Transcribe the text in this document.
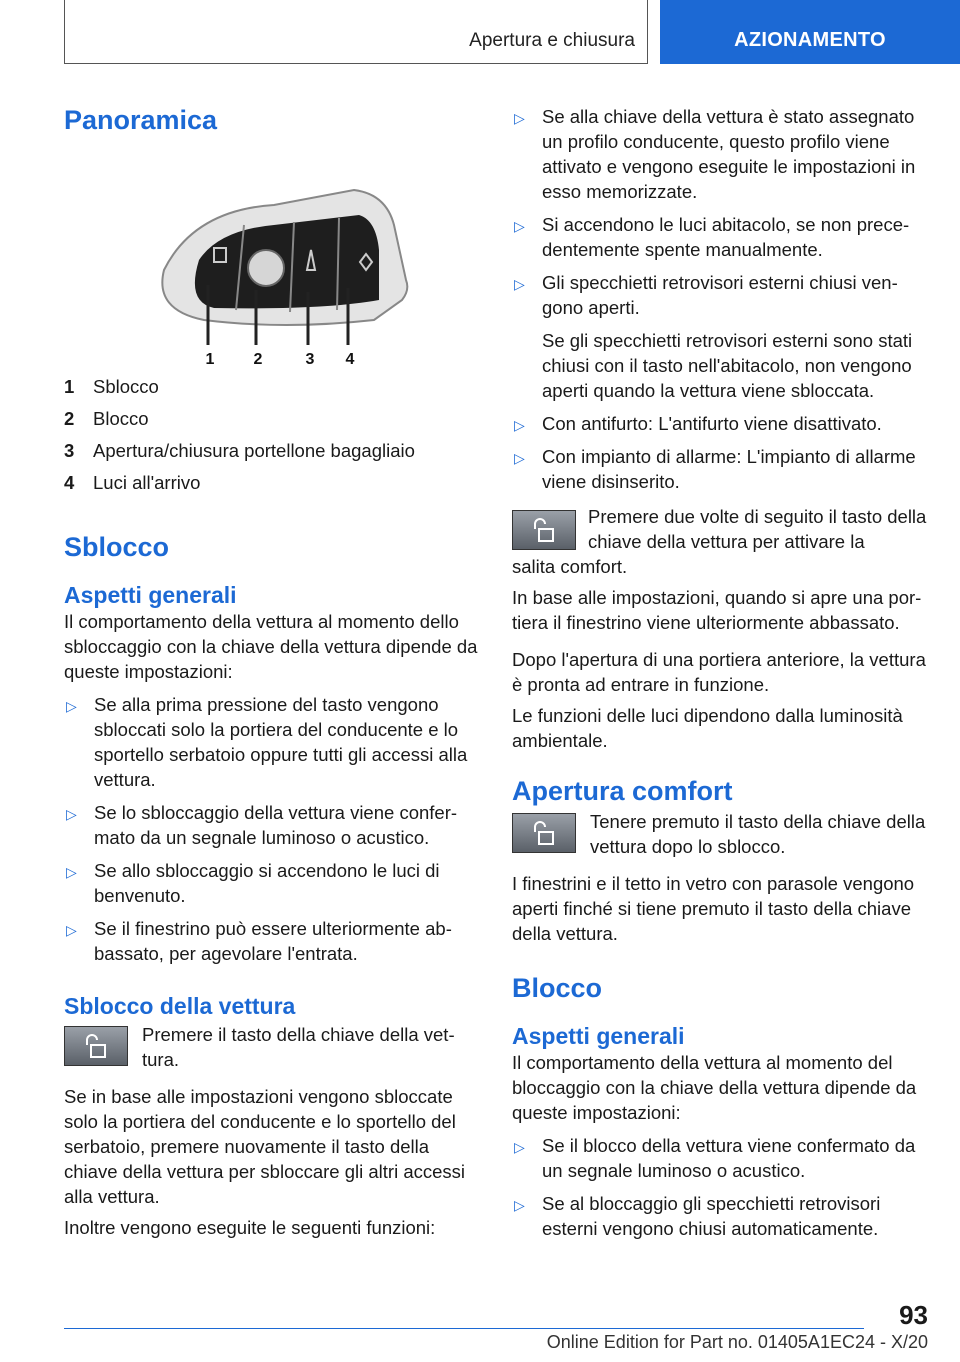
Apertura e chiusura	AZIONAMENTO

Panoramica

1 2	3 4
1	Sblocco
2	Blocco
3	Apertura/chiusura portellone bagagliaio
4	Luci all'arrivo

Sblocco

Aspetti generali

Il comportamento della vettura al momento dello sbloccaggio con la chiave della vettura dipende da queste impostazioni:

▷ Se alla prima pressione del tasto vengono sbloccati solo la portiera del conducente e lo sportello serbatoio oppure tutti gli accessi alla vettura.
▷ Se lo sbloccaggio della vettura viene confermato da un segnale luminoso o acustico.
▷ Se allo sbloccaggio si accendono le luci di benvenuto.
▷ Se il finestrino può essere ulteriormente abbassato, per agevolare l'entrata.

Sblocco della vettura

Premere il tasto della chiave della vettura.

Se in base alle impostazioni vengono sbloccate solo la portiera del conducente e lo sportello del serbatoio, premere nuovamente il tasto della chiave della vettura per sbloccare gli altri accessi alla vettura.

Inoltre vengono eseguite le seguenti funzioni:

▷ Se alla chiave della vettura è stato assegnato un profilo conducente, questo profilo viene attivato e vengono eseguite le impostazioni in esso memorizzate.
▷ Si accendono le luci abitacolo, se non precedentemente spente manualmente.
▷ Gli specchietti retrovisori esterni chiusi vengono aperti.

Se gli specchietti retrovisori esterni sono stati chiusi con il tasto nell'abitacolo, non vengono aperti quando la vettura viene sbloccata.

▷ Con antifurto: L'antifurto viene disattivato.
▷ Con impianto di allarme: L'impianto di allarme viene disinserito.

Premere due volte di seguito il tasto della chiave della vettura per attivare la

salita comfort.

In base alle impostazioni, quando si apre una portiera il finestrino viene ulteriormente abbassato.

Dopo l'apertura di una portiera anteriore, la vettura è pronta ad entrare in funzione.

Le funzioni delle luci dipendono dalla luminosità ambientale.

Apertura comfort

Tenere premuto il tasto della chiave della vettura dopo lo sblocco.

I finestrini e il tetto in vetro con parasole vengono aperti finché si tiene premuto il tasto della chiave della vettura.

Blocco

Aspetti generali

Il comportamento della vettura al momento del bloccaggio con la chiave della vettura dipende da queste impostazioni:

▷ Se il blocco della vettura viene confermato da un segnale luminoso o acustico.
▷ Se al bloccaggio gli specchietti retrovisori esterni vengono chiusi automaticamente.
93
Online Edition for Part no. 01405A1EC24 - X/20
